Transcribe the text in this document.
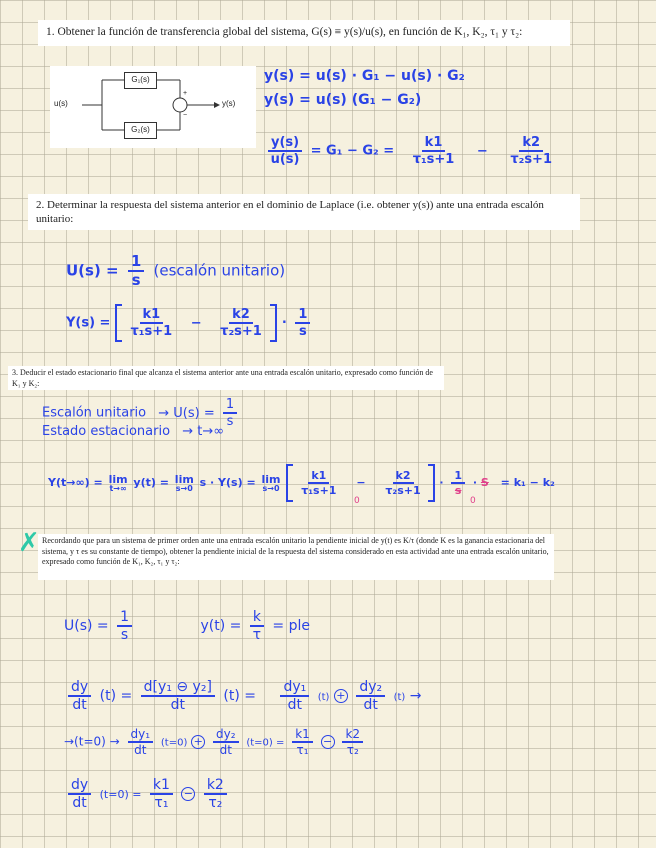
1. Obtener la función de transferencia global del sistema, G(s) ≡ y(s)/u(s), en función de K₁, K₂, τ₁ y τ₂:
u(s)	y(s)
G₁(s)
G₂(s)
+
−
y(s) = u(s) · G₁ − u(s) · G₂
y(s) = u(s) (G₁ − G₂)
$\frac{y(s)}{u(s)} = G_1 - G_2 = \frac{k1}{\text{τ₁s+1}} - \frac{k2}{\text{τ₂s+1}}$
2. Determinar la respuesta del sistema anterior en el dominio de Laplace (i.e. obtener y(s)) ante una entrada escalón unitario:
$U(s) = \frac{1}{s}$ (escalón unitario)
$Y(s) = \frac{k1}{\text{τ₁s+1}} - \frac{k2}{\text{τ₂s+1}} \cdot \frac{1}{s}$
3. Deducir el estado estacionario final que alcanza el sistema anterior ante una entrada escalón unitario, expresado como función de K₁ y K₂:
Escalón unitario → $U(s) = \frac{1}{s}$
Estado estacionario → t→∞
Y(t→∞) = lim
t→∞ y(t) = lim
s→0 s · Y(s) = lim
s→0
$\frac{k1}{\text{τ₁s+1}} - \frac{k2}{\text{τ₂s+1}} \cdot \frac{1}{s} \cdot S = k_1 - k_2$
0	0
Recordando que para un sistema de primer orden ante una entrada escalón unitario la pendiente inicial de y(t) es K/τ (donde K es la ganancia estacionaria del sistema, y τ es su constante de tiempo), obtener la pendiente inicial de la respuesta del sistema considerado en esta actividad ante una entrada escalón unitario, expresado como función de K₁, K₂, τ₁ y τ₂:
✗
$U(s) = \frac{1}{s}$	$y(t) = \frac{k}{\tau}$ = ple
$\frac{dy}{dt} (t) = \frac{\text{d[y₁ ⊖ y₂]}}{dt} (t) = \frac{\text{dy₁}}{dt} (t) + \frac{\text{dy₂}}{dt} (t)$ →
$\to(t=0) \to \frac{\text{dy₁}}{dt} (t=0) + \frac{\text{dy₂}}{dt} (t=0) = \frac{k1}{\text{τ₁}} - \frac{k2}{\text{τ₂}}$
$\frac{dy}{dt} (t=0) = \frac{k1}{\text{τ₁}} - \frac{k2}{\text{τ₂}}$
